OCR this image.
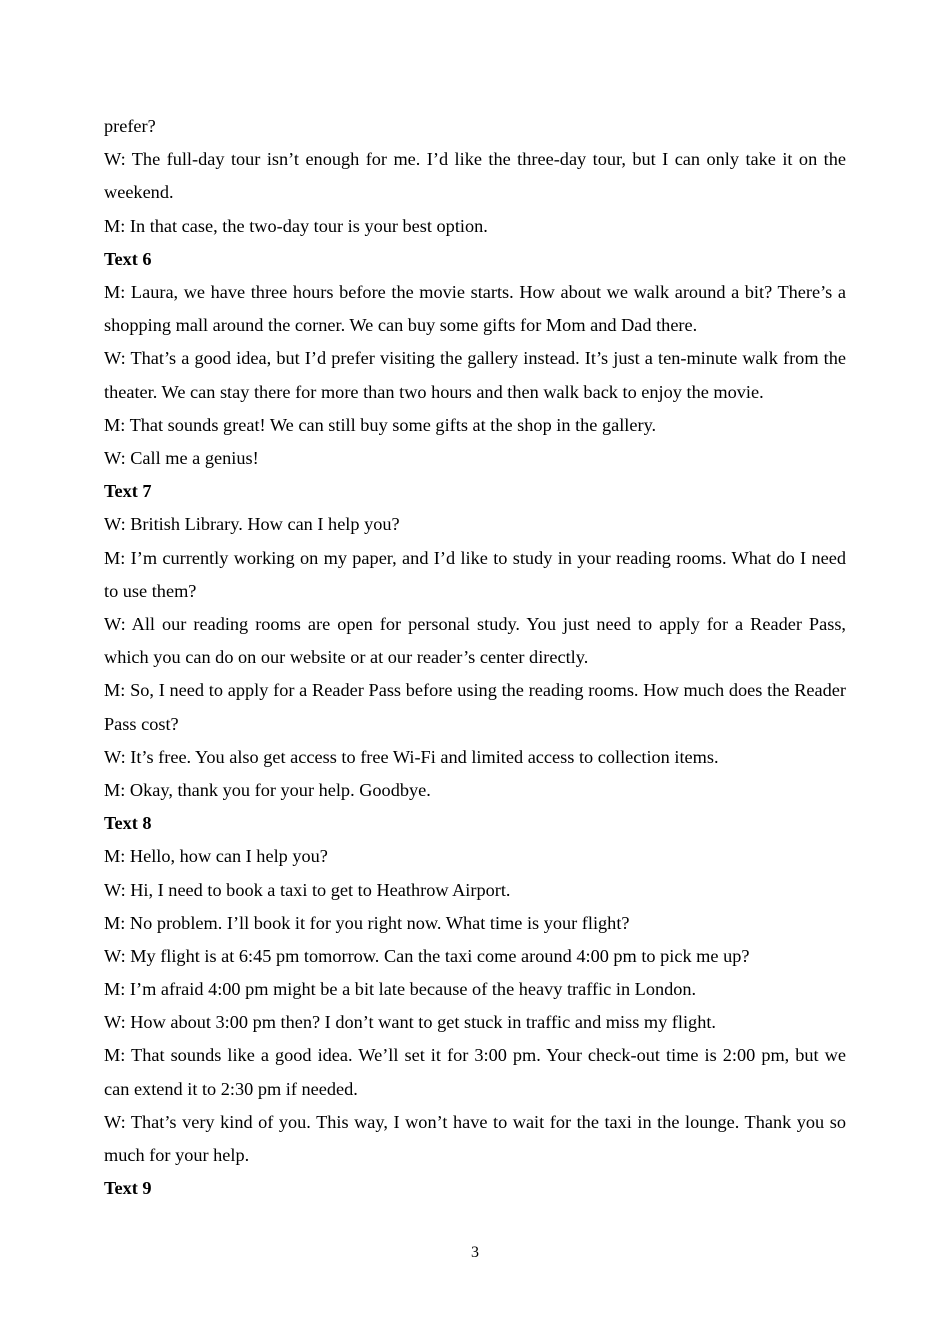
prefer?
W: The full-day tour isn’t enough for me. I’d like the three-day tour, but I can only take it on the weekend.
M: In that case, the two-day tour is your best option.
Text 6
M: Laura, we have three hours before the movie starts. How about we walk around a bit? There’s a shopping mall around the corner. We can buy some gifts for Mom and Dad there.
W: That’s a good idea, but I’d prefer visiting the gallery instead. It’s just a ten-minute walk from the theater. We can stay there for more than two hours and then walk back to enjoy the movie.
M: That sounds great! We can still buy some gifts at the shop in the gallery.
W: Call me a genius!
Text 7
W: British Library. How can I help you?
M: I’m currently working on my paper, and I’d like to study in your reading rooms. What do I need to use them?
W: All our reading rooms are open for personal study. You just need to apply for a Reader Pass, which you can do on our website or at our reader’s center directly.
M: So, I need to apply for a Reader Pass before using the reading rooms. How much does the Reader Pass cost?
W: It’s free. You also get access to free Wi-Fi and limited access to collection items.
M: Okay, thank you for your help. Goodbye.
Text 8
M: Hello, how can I help you?
W: Hi, I need to book a taxi to get to Heathrow Airport.
M: No problem. I’ll book it for you right now. What time is your flight?
W: My flight is at 6:45 pm tomorrow. Can the taxi come around 4:00 pm to pick me up?
M: I’m afraid 4:00 pm might be a bit late because of the heavy traffic in London.
W: How about 3:00 pm then? I don’t want to get stuck in traffic and miss my flight.
M: That sounds like a good idea. We’ll set it for 3:00 pm. Your check-out time is 2:00 pm, but we can extend it to 2:30 pm if needed.
W: That’s very kind of you. This way, I won’t have to wait for the taxi in the lounge. Thank you so much for your help.
Text 9
3
